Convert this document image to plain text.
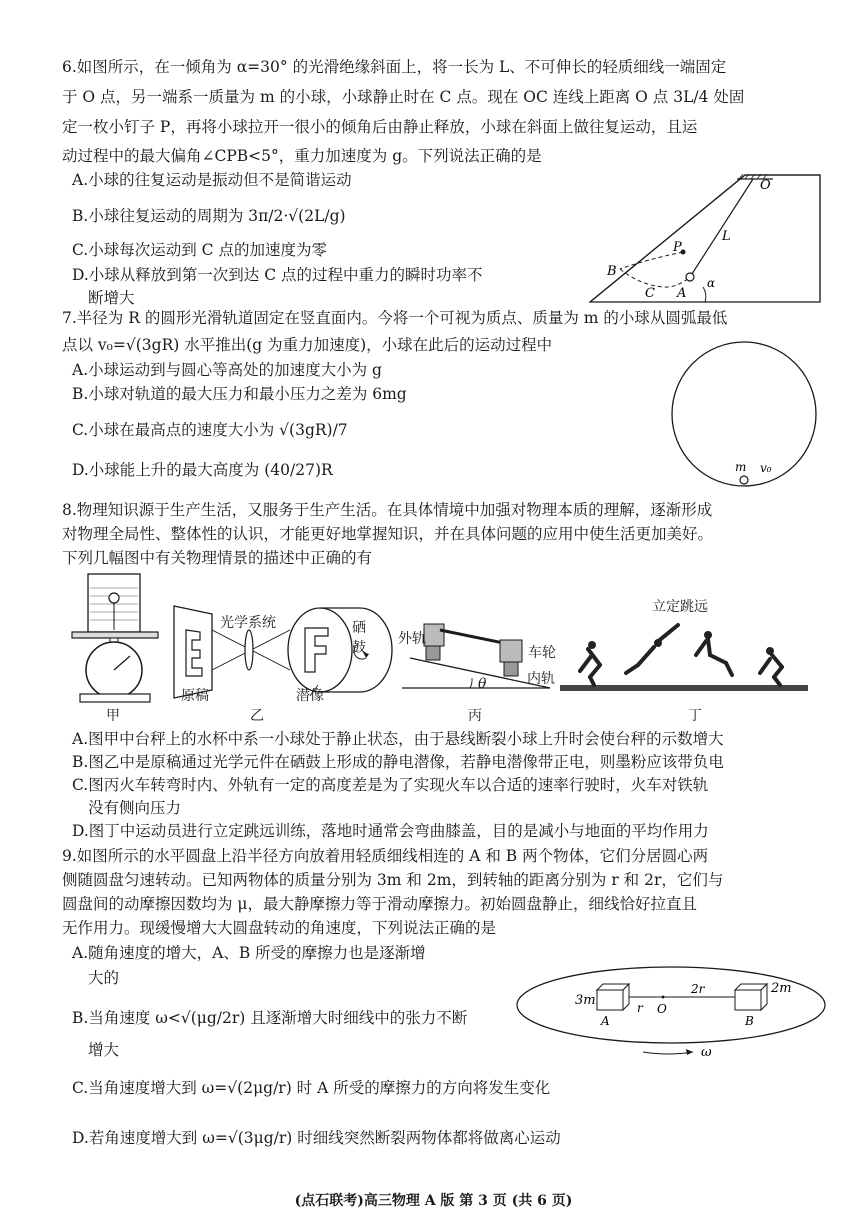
6.如图所示，在一倾角为 α=30° 的光滑绝缘斜面上，将一长为 L、不可伸长的轻质细线一端固定
于 O 点，另一端系一质量为 m 的小球，小球静止时在 C 点。现在 OC 连线上距离 O 点 3L/4 处固
定一枚小钉子 P，再将小球拉开一很小的倾角后由静止释放，小球在斜面上做往复运动，且运
动过程中的最大偏角∠CPB<5°，重力加速度为 g。下列说法正确的是
A.小球的往复运动是振动但不是简谐运动
B.小球往复运动的周期为 3π/2·√(2L/g)
C.小球每次运动到 C 点的加速度为零
D.小球从释放到第一次到达 C 点的过程中重力的瞬时功率不
断增大
O
L
P
B
C A
α
7.半径为 R 的圆形光滑轨道固定在竖直面内。今将一个可视为质点、质量为 m 的小球从圆弧最低
点以 v₀=√(3gR) 水平推出(g 为重力加速度)，小球在此后的运动过程中
A.小球运动到与圆心等高处的加速度大小为 g
B.小球对轨道的最大压力和最小压力之差为 6mg
C.小球在最高点的速度大小为 √(3gR)/7
D.小球能上升的最大高度为 (40/27)R	m v₀
8.物理知识源于生产生活，又服务于生产生活。在具体情境中加强对物理本质的理解，逐渐形成
对物理全局性、整体性的认识，才能更好地掌握知识，并在具体问题的应用中使生活更加美好。
下列几幅图中有关物理情景的描述中正确的有
甲
光学系统	硒
鼓
原稿	潜像
乙
外轨
车轮
内轨
θ
丙
立定跳远
丁
A.图甲中台秤上的水杯中系一小球处于静止状态，由于悬线断裂小球上升时会使台秤的示数增大
B.图乙中是原稿通过光学元件在硒鼓上形成的静电潜像，若静电潜像带正电，则墨粉应该带负电
C.图丙火车转弯时内、外轨有一定的高度差是为了实现火车以合适的速率行驶时，火车对铁轨
没有侧向压力
D.图丁中运动员进行立定跳远训练，落地时通常会弯曲膝盖，目的是减小与地面的平均作用力
9.如图所示的水平圆盘上沿半径方向放着用轻质细线相连的 A 和 B 两个物体，它们分居圆心两
侧随圆盘匀速转动。已知两物体的质量分别为 3m 和 2m，到转轴的距离分别为 r 和 2r，它们与
圆盘间的动摩擦因数均为 μ，最大静摩擦力等于滑动摩擦力。初始圆盘静止，细线恰好拉直且
无作用力。现缓慢增大大圆盘转动的角速度，下列说法正确的是
A.随角速度的增大，A、B 所受的摩擦力也是逐渐增
大的
B.当角速度 ω<√(μg/2r) 且逐渐增大时细线中的张力不断
增大
C.当角速度增大到 ω=√(2μg/r) 时 A 所受的摩擦力的方向将发生变化
D.若角速度增大到 ω=√(3μg/r) 时细线突然断裂两物体都将做离心运动
3m
2m
r
2r
O
A	B
ω
(点石联考)高三物理 A 版 第 3 页 (共 6 页)
